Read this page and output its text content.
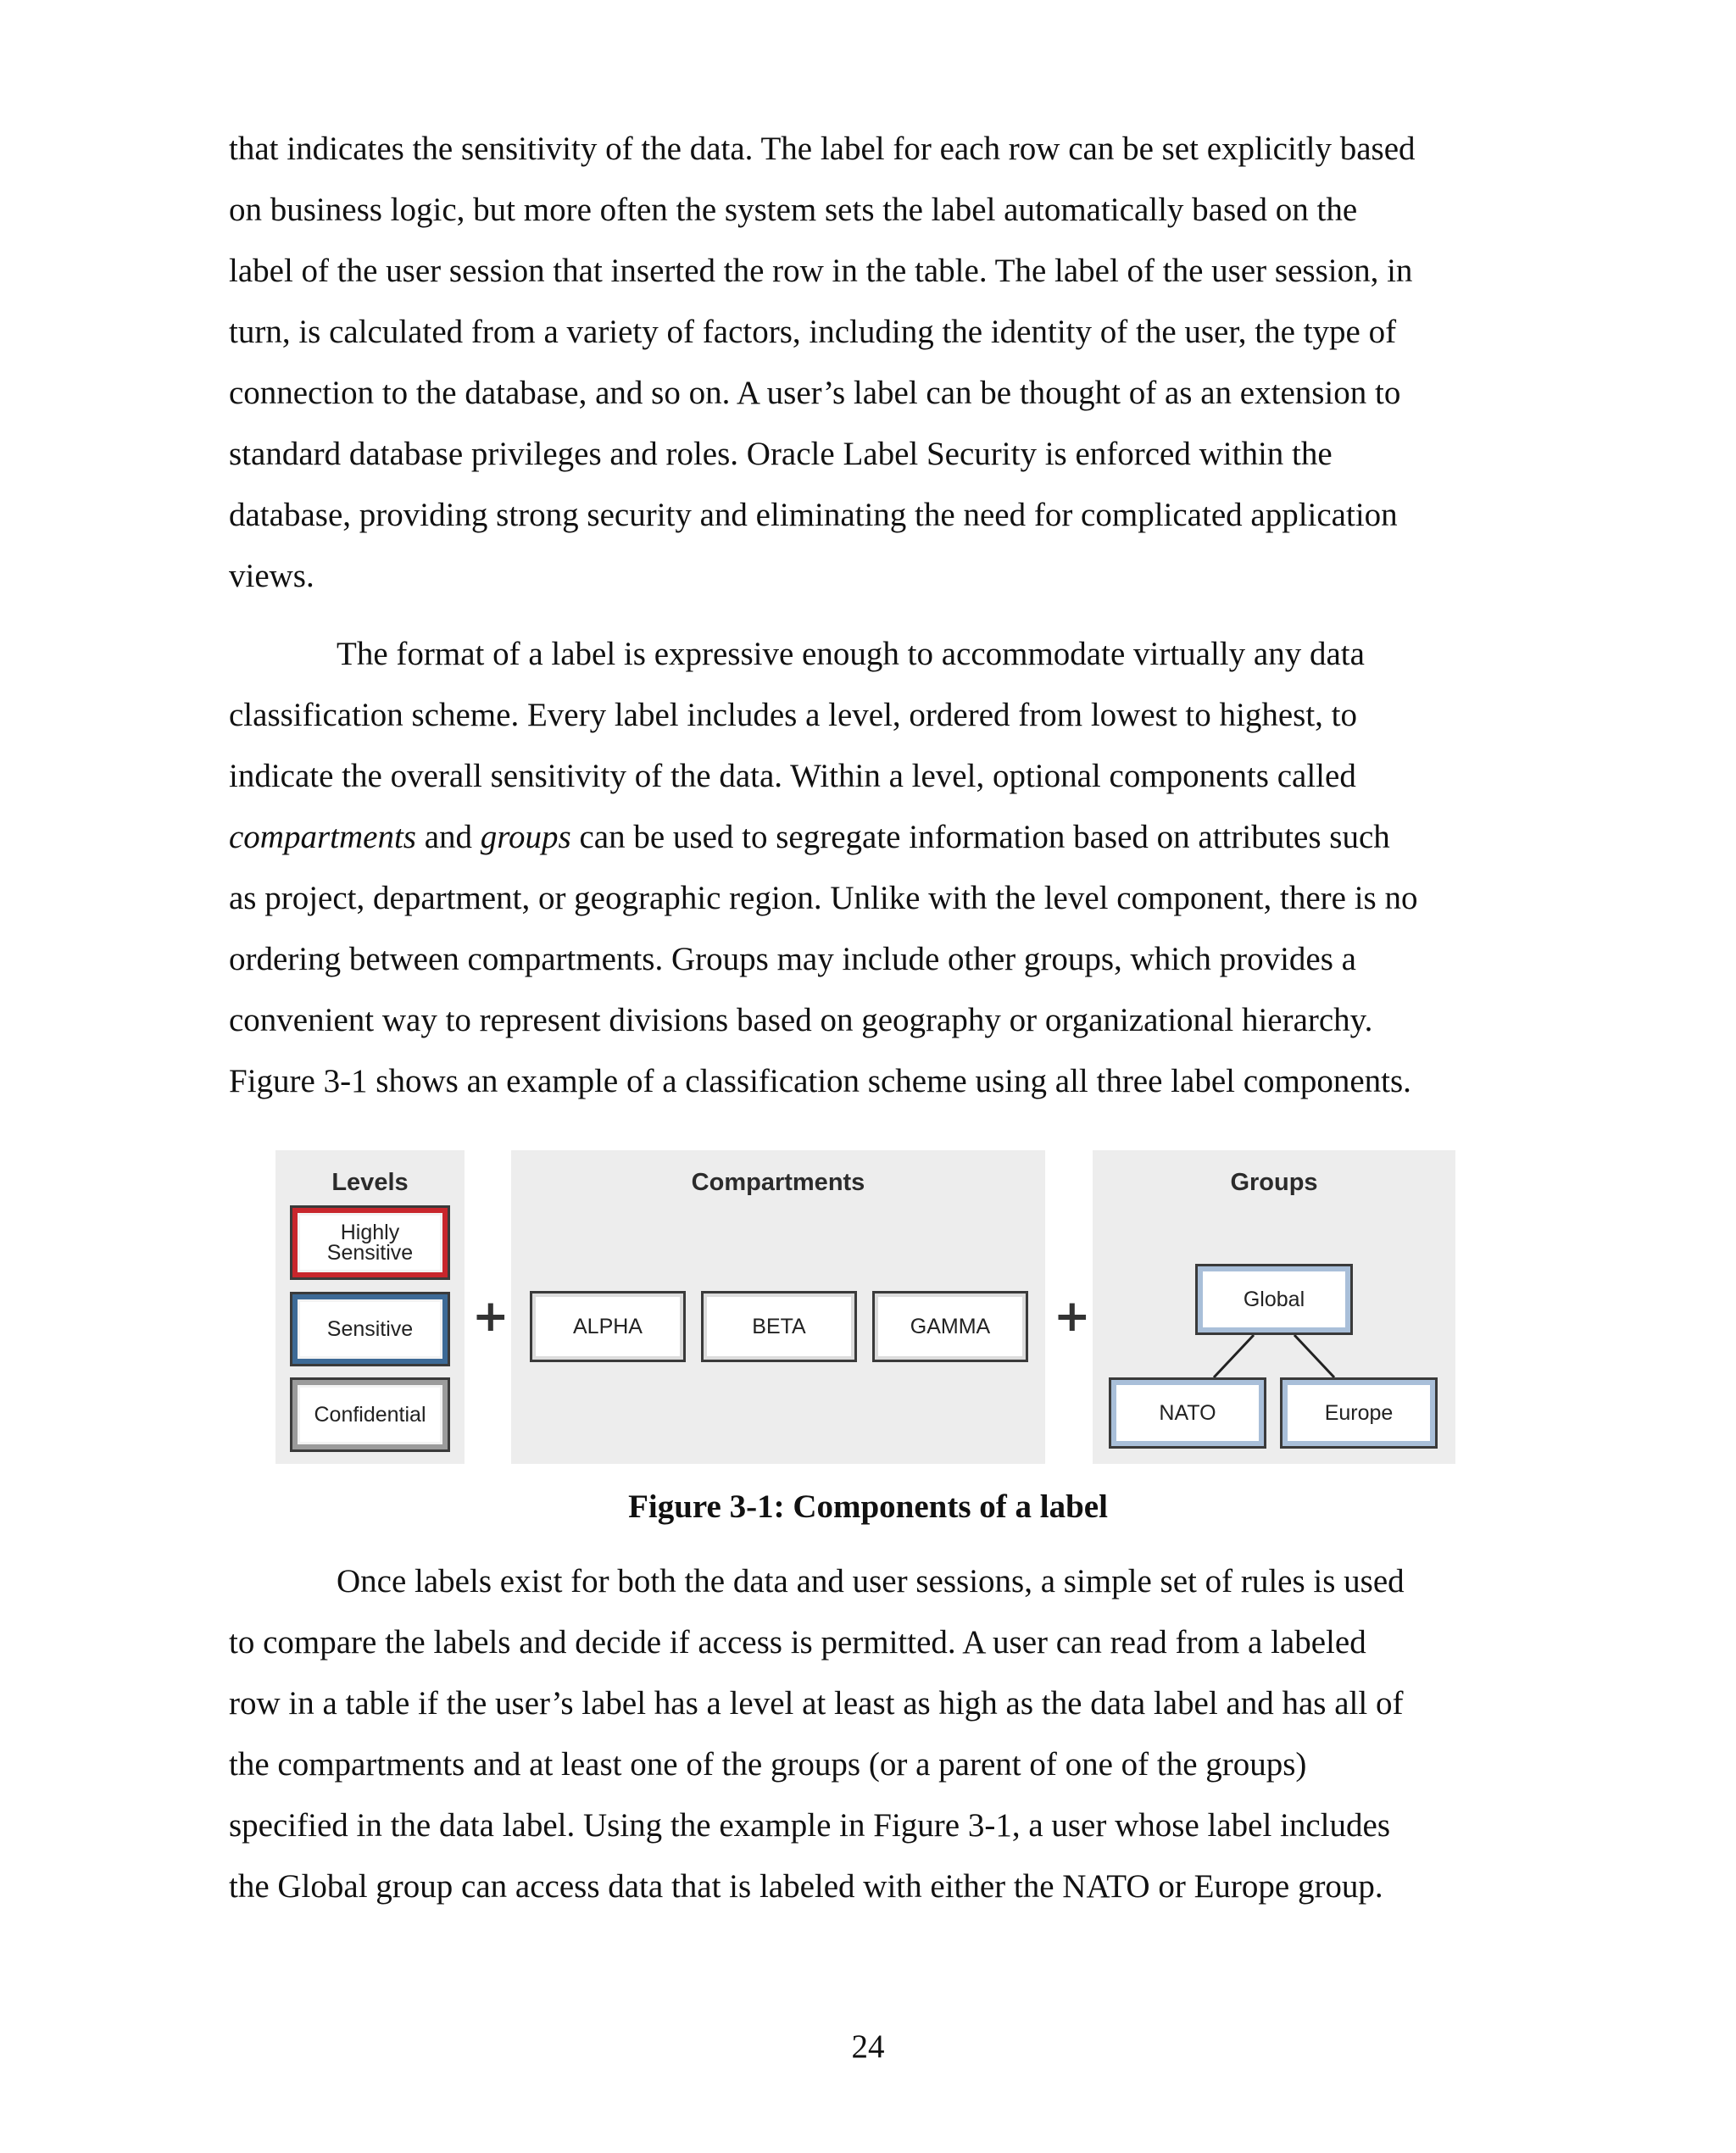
that indicates the sensitivity of the data. The label for each row can be set explicitly based
on business logic, but more often the system sets the label automatically based on the
label of the user session that inserted the row in the table. The label of the user session, in
turn, is calculated from a variety of factors, including the identity of the user, the type of
connection to the database, and so on. A user’s label can be thought of as an extension to
standard database privileges and roles. Oracle Label Security is enforced within the
database, providing strong security and eliminating the need for complicated application
views.

The format of a label is expressive enough to accommodate virtually any data
classification scheme. Every label includes a level, ordered from lowest to highest, to
indicate the overall sensitivity of the data. Within a level, optional components called
compartments and groups can be used to segregate information based on attributes such
as project, department, or geographic region. Unlike with the level component, there is no
ordering between compartments. Groups may include other groups, which provides a
convenient way to represent divisions based on geography or organizational hierarchy.
Figure 3-1 shows an example of a classification scheme using all three label components.

Once labels exist for both the data and user sessions, a simple set of rules is used
to compare the labels and decide if access is permitted. A user can read from a labeled
row in a table if the user’s label has a level at least as high as the data label and has all of
the compartments and at least one of the groups (or a parent of one of the groups)
specified in the data label. Using the example in Figure 3-1, a user whose label includes
the Global group can access data that is labeled with either the NATO or Europe group.

Levels
Highly Sensitive
Sensitive
Confidential
+
Compartments
ALPHA	BETA	GAMMA	+
Groups
Global
NATO	Europe
Figure 3-1: Components of a label
24
